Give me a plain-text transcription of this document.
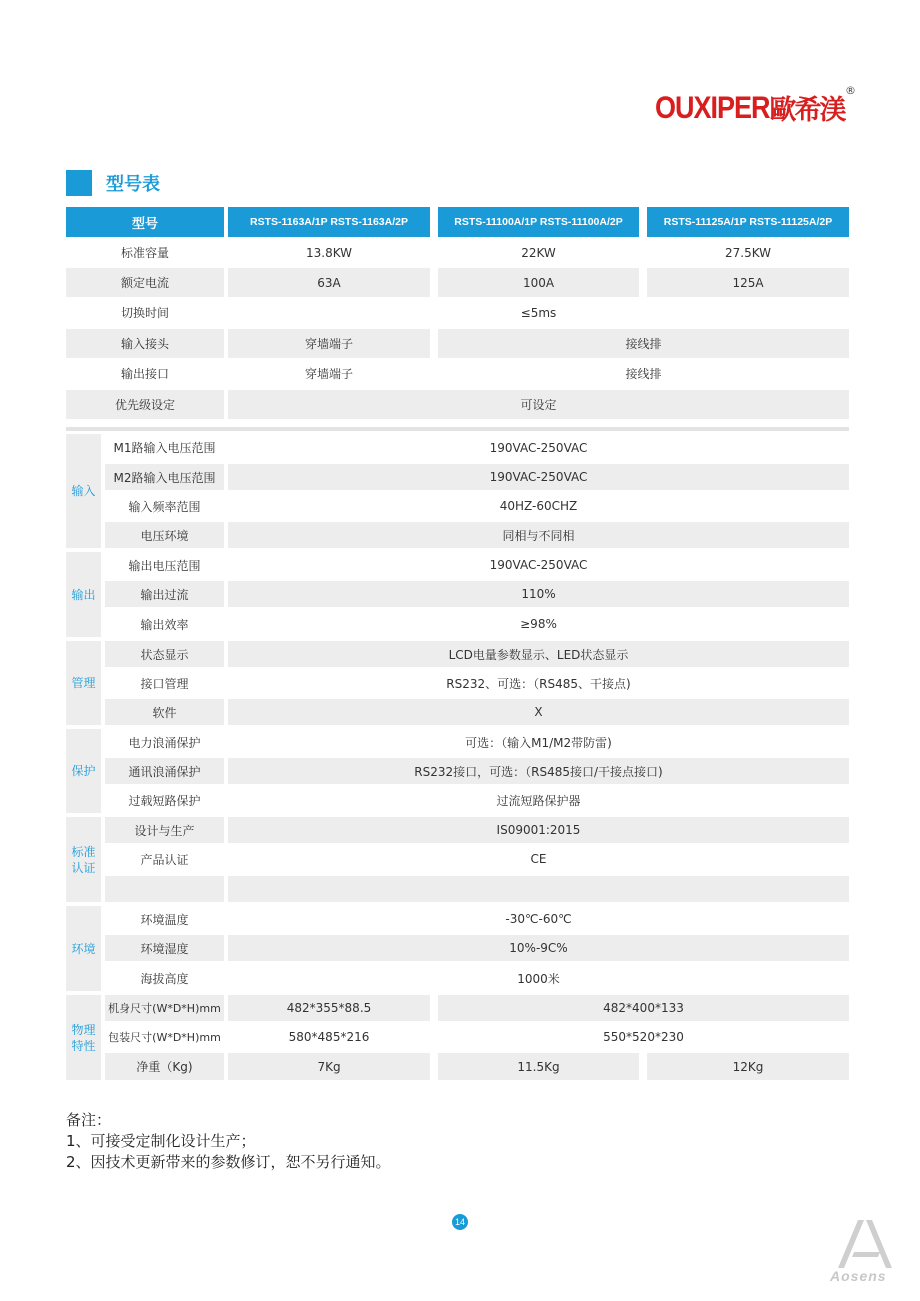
OUXIPER 歐希渼
®
型号表
型号	RSTS-1163A/1P RSTS-1163A/2P	RSTS-11100A/1P RSTS-11100A/2P	RSTS-11125A/1P RSTS-11125A/2P
标准容量	13.8KW	22KW	27.5KW
额定电流	63A	100A	125A
切换时间	≤5ms
输入接头	穿墙端子	接线排
输出接口	穿墙端子	接线排
优先级设定	可设定
输入
M1路输入电压范围	190VAC-250VAC
M2路输入电压范围	190VAC-250VAC
输入频率范围	40HZ-60CHZ
电压环境	同相与不同相
输出
输出电压范围	190VAC-250VAC
输出过流	110%
输出效率	≥98%
管理
状态显示	LCD电量参数显示、LED状态显示
接口管理	RS232、可选：（RS485、干接点)
软件	X
保护
电力浪涌保护	可选：（输入M1/M2带防雷)
通讯浪涌保护	RS232接口，可选：（RS485接口/干接点接口)
过载短路保护	过流短路保护器
标准
认证
设计与生产	IS09001:2015
产品认证	CE
环境
环境温度	-30℃-60℃
环境湿度	10%-9C%
海拔高度	1000米
物理
特性
机身尺寸(W*D*H)mm	482*355*88.5	482*400*133
包装尺寸(W*D*H)mm	580*485*216	550*520*230
净重（Kg)	7Kg	11.5Kg	12Kg
备注：
1、可接受定制化设计生产；
2、因技术更新带来的参数修订，恕不另行通知。
14
Aosens
